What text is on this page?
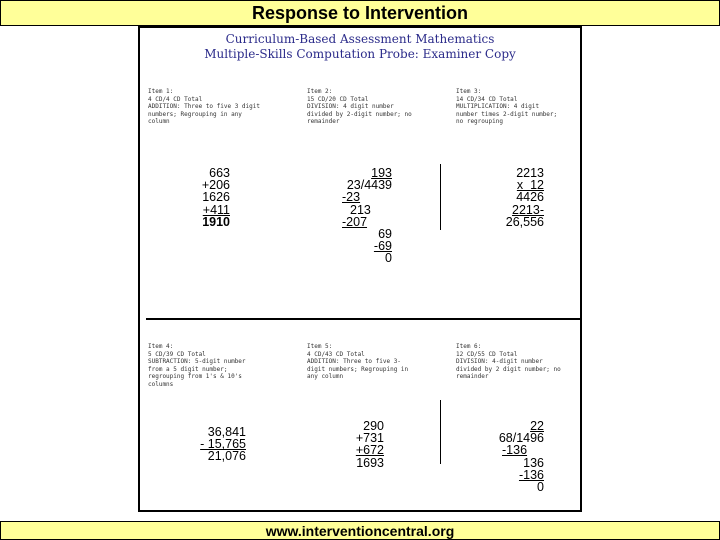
Response to Intervention
Curriculum-Based Assessment Mathematics
Multiple-Skills Computation Probe: Examiner Copy
Item 1:
4 CD/4 CD Total
ADDITION: Three to five 3 digit
numbers; Regrouping in any
column
663
+206
1626
+411
1910
Item 2:
15 CD/20 CD Total
DIVISION: 4 digit number
divided by 2-digit number; no
remainder
193
23/4439
-23
213
-207
69
-69
0
Item 3:
14 CD/34 CD Total
MULTIPLICATION: 4 digit
number times 2-digit number;
no regrouping
2213
x  12
4426
2213-
26,556
Item 4:
5 CD/39 CD Total
SUBTRACTION: 5-digit number
from a 5 digit number;
regrouping from 1's & 10's
columns
36,841
- 15,765
21,076
Item 5:
4 CD/43 CD Total
ADDITION: Three to five 3-
digit numbers; Regrouping in
any column
290
+731
+672
1693
Item 6:
12 CD/55 CD Total
DIVISION: 4-digit number
divided by 2 digit number; no
remainder
22
68/1496
-136
136
-136
0
www.interventioncentral.org
